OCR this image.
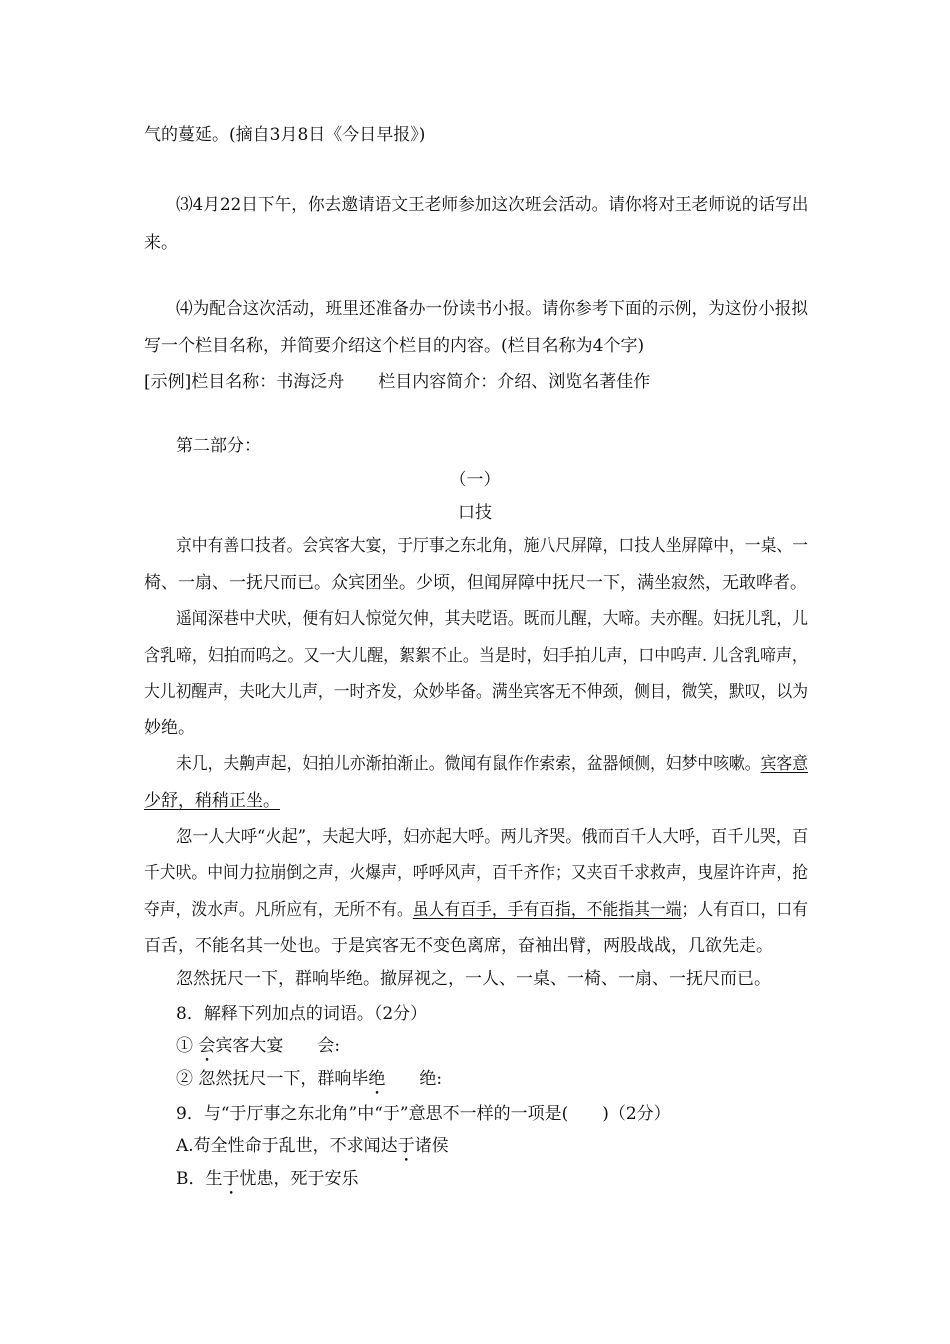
气的蔓延。(摘自3月8日《今日早报》)
⑶4月22日下午，你去邀请语文王老师参加这次班会活动。请你将对王老师说的话写出
来。
⑷为配合这次活动，班里还准备办一份读书小报。请你参考下面的示例，为这份小报拟
写一个栏目名称，并简要介绍这个栏目的内容。(栏目名称为4个字)
[示例]栏目名称：书海泛舟　　栏目内容简介：介绍、浏览名著佳作
第二部分：
（一）
口技
京中有善口技者。会宾客大宴，于厅事之东北角，施八尺屏障，口技人坐屏障中，一桌、一
椅、一扇、一抚尺而已。众宾团坐。少顷，但闻屏障中抚尺一下，满坐寂然，无敢哗者。
遥闻深巷中犬吠，便有妇人惊觉欠伸，其夫呓语。既而儿醒，大啼。夫亦醒。妇抚儿乳，儿
含乳啼，妇拍而呜之。又一大儿醒，絮絮不止。当是时，妇手拍儿声，口中呜声. 儿含乳啼声，
大儿初醒声，夫叱大儿声，一时齐发，众妙毕备。满坐宾客无不伸颈，侧目，微笑，默叹，以为
妙绝。
未几，夫齁声起，妇拍儿亦渐拍渐止。微闻有鼠作作索索，盆器倾侧，妇梦中咳嗽。宾客意
少舒，稍稍正坐。
忽一人大呼“火起”，夫起大呼，妇亦起大呼。两儿齐哭。俄而百千人大呼，百千儿哭，百
千犬吠。中间力拉崩倒之声，火爆声，呼呼风声，百千齐作；又夹百千求救声，曳屋许许声，抢
夺声，泼水声。凡所应有，无所不有。虽人有百手，手有百指，不能指其一端；人有百口，口有
百舌，不能名其一处也。于是宾客无不变色离席，奋袖出臂，两股战战，几欲先走。
忽然抚尺一下，群响毕绝。撤屏视之，一人、一桌、一椅、一扇、一抚尺而已。
8．解释下列加点的词语。（2分）
① 会宾客大宴　　会:
② 忽然抚尺一下，群响毕绝　　绝:
9．与“于厅事之东北角”中“于”意思不一样的一项是(　　)（2分）
A.苟全性命于乱世，不求闻达于诸侯
B．生于忧患，死于安乐
